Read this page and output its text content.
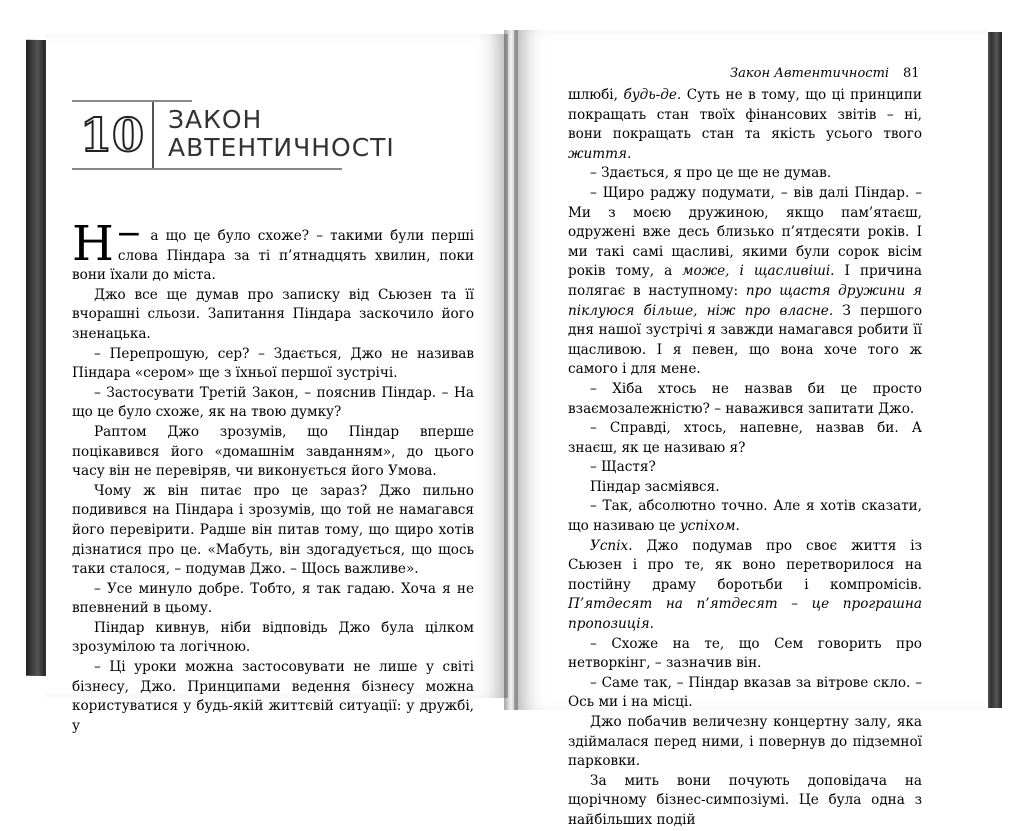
10 ЗАКОН
АВТЕНТИЧНОСТІ

—
Н	а що це було схоже? – такими були перші слова Піндара за ті п’ятнадцять хвилин, поки вони їхали до міста.

Джо все ще думав про записку від Сьюзен та її вчорашні сльози. Запитання Піндара заскочило його зненацька.

– Перепрошую, сер? – Здається, Джо не називав Піндара «сером» ще з їхньої першої зустрічі.

– Застосувати Третій Закон, – пояснив Піндар. – На що це було схоже, як на твою думку?

Раптом Джо зрозумів, що Піндар вперше поцікавився його «домашнім завданням», до цього часу він не перевіряв, чи виконується його Умова.

Чому ж він питає про це зараз? Джо пильно подивився на Піндара і зрозумів, що той не намагався його перевірити. Радше він питав тому, що щиро хотів дізнатися про це. «Мабуть, він здогадується, що щось таки сталося, – подумав Джо. – Щось важливе».

– Усе минуло добре. Тобто, я так гадаю. Хоча я не впевнений в цьому.

Піндар кивнув, ніби відповідь Джо була цілком зрозумілою та логічною.

– Ці уроки можна застосовувати не лише у світі бізнесу, Джо. Принципами ведення бізнесу можна користуватися у будь-якій життєвій ситуації: у дружбі, у

Закон Автентичності	81

шлюбі, будь-де. Суть не в тому, що ці принципи покращать стан твоїх фінансових звітів – ні, вони покращать стан та якість усього твого життя.

– Здається, я про це ще не думав.

– Щиро раджу подумати, – вів далі Піндар. – Ми з моєю дружиною, якщо пам’ятаєш, одружені вже десь близько п’ятдесяти років. І ми такі самі щасливі, якими були сорок вісім років тому, а може, і щасливіші. І причина полягає в наступному: про щастя дружини я піклуюся більше, ніж про власне. З першого дня нашої зустрічі я завжди намагався робити її щасливою. І я певен, що вона хоче того ж самого і для мене.

– Хіба хтось не назвав би це просто взаємозалежністю? – наважився запитати Джо.

– Справді, хтось, напевне, назвав би. А знаєш, як це називаю я?

– Щастя?

Піндар засміявся.

– Так, абсолютно точно. Але я хотів сказати, що називаю це успіхом.

Успіх. Джо подумав про своє життя із Сьюзен і про те, як воно перетворилося на постійну драму боротьби і компромісів. П’ятдесят на п’ятдесят – це програшна пропозиція.

– Схоже на те, що Сем говорить про нетворкінг, – зазначив він.

– Саме так, – Піндар вказав за вітрове скло. – Ось ми і на місці.

Джо побачив величезну концертну залу, яка здіймалася перед ними, і повернув до підземної парковки.

За мить вони почують доповідача на щорічному бізнес-симпозіумі. Це була одна з найбільших подій
